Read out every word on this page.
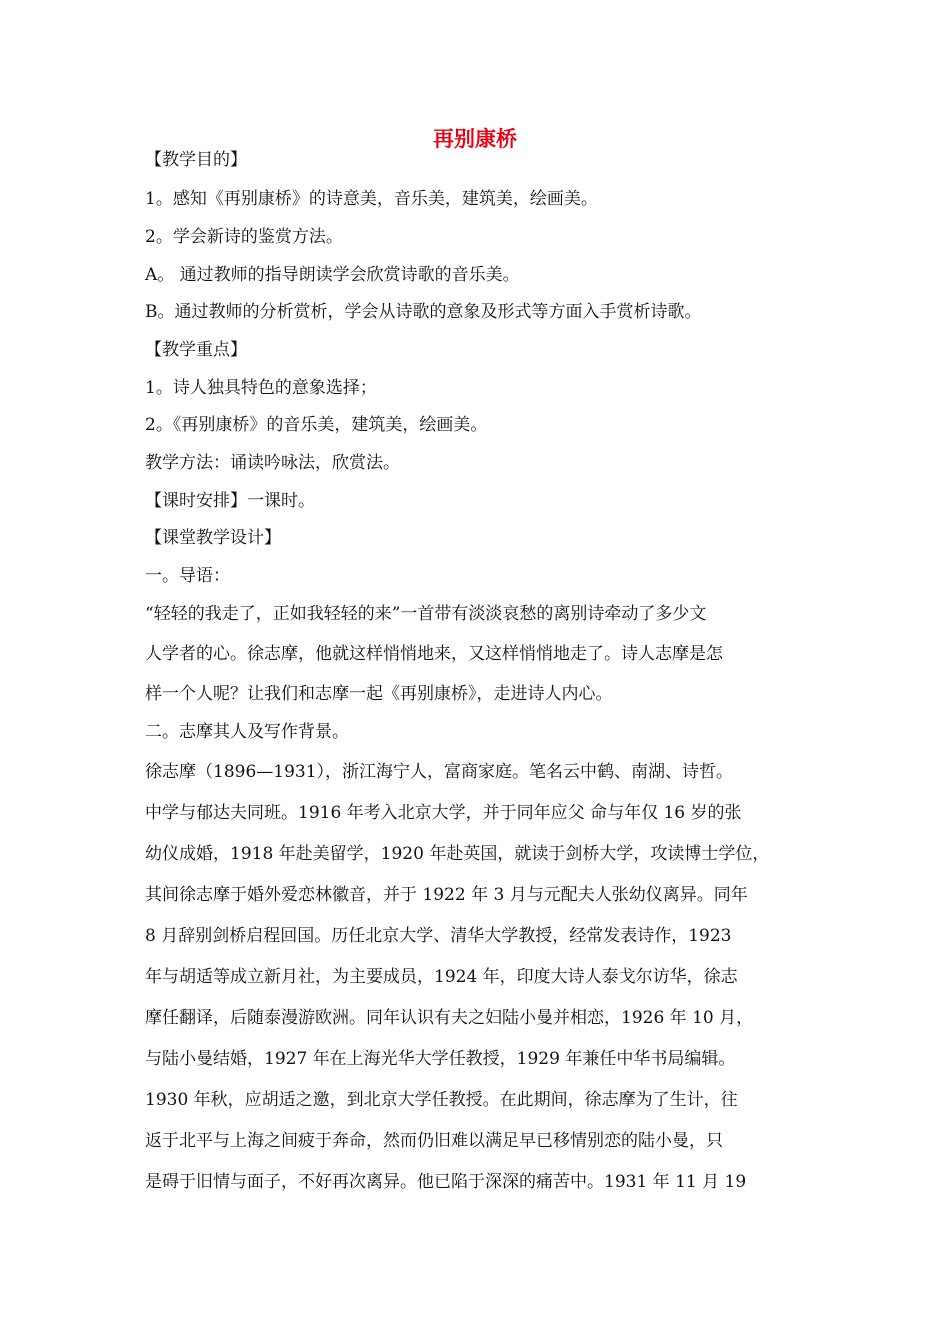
再别康桥
【教学目的】
1。感知《再别康桥》的诗意美，音乐美，建筑美，绘画美。
2。学会新诗的鉴赏方法。
A。 通过教师的指导朗读学会欣赏诗歌的音乐美。
B。通过教师的分析赏析，学会从诗歌的意象及形式等方面入手赏析诗歌。
【教学重点】
1。诗人独具特色的意象选择；
2。《再别康桥》的音乐美，建筑美，绘画美。
教学方法：诵读吟咏法，欣赏法。
【课时安排】一课时。
【课堂教学设计】
一。导语：
“轻轻的我走了，正如我轻轻的来”一首带有淡淡哀愁的离别诗牵动了多少文
人学者的心。徐志摩，他就这样悄悄地来，又这样悄悄地走了。诗人志摩是怎
样一个人呢？让我们和志摩一起《再别康桥》，走进诗人内心。
二。志摩其人及写作背景。
徐志摩（1896—1931），浙江海宁人，富商家庭。笔名云中鹤、南湖、诗哲。
中学与郁达夫同班。1916 年考入北京大学，并于同年应父 命与年仅 16 岁的张
幼仪成婚，1918 年赴美留学，1920 年赴英国，就读于剑桥大学，攻读博士学位，
其间徐志摩于婚外爱恋林徽音，并于 1922 年 3 月与元配夫人张幼仪离异。同年
8 月辞别剑桥启程回国。历任北京大学、清华大学教授，经常发表诗作，1923
年与胡适等成立新月社，为主要成员，1924 年，印度大诗人泰戈尔访华，徐志
摩任翻译，后随泰漫游欧洲。同年认识有夫之妇陆小曼并相恋，1926 年 10 月，
与陆小曼结婚，1927 年在上海光华大学任教授，1929 年兼任中华书局编辑。
1930 年秋，应胡适之邀，到北京大学任教授。在此期间，徐志摩为了生计，往
返于北平与上海之间疲于奔命，然而仍旧难以满足早已移情别恋的陆小曼，只
是碍于旧情与面子，不好再次离异。他已陷于深深的痛苦中。1931 年 11 月 19
